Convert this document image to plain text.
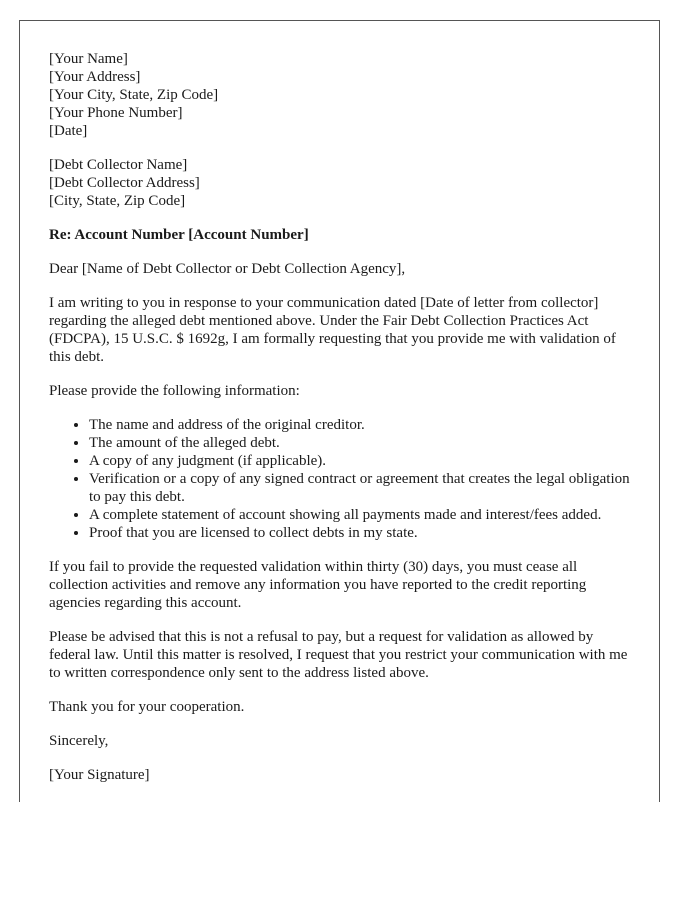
[Your Name]
[Your Address]
[Your City, State, Zip Code]
[Your Phone Number]
[Date]
[Debt Collector Name]
[Debt Collector Address]
[City, State, Zip Code]
Re: Account Number [Account Number]

Dear [Name of Debt Collector or Debt Collection Agency],

I am writing to you in response to your communication dated [Date of letter from collector] regarding the alleged debt mentioned above. Under the Fair Debt Collection Practices Act (FDCPA), 15 U.S.C. $ 1692g, I am formally requesting that you provide me with validation of this debt.

Please provide the following information:

• The name and address of the original creditor.
• The amount of the alleged debt.
• A copy of any judgment (if applicable).
• Verification or a copy of any signed contract or agreement that creates the legal obligation to pay this debt.
• A complete statement of account showing all payments made and interest/fees added.
• Proof that you are licensed to collect debts in my state.

If you fail to provide the requested validation within thirty (30) days, you must cease all collection activities and remove any information you have reported to the credit reporting agencies regarding this account.

Please be advised that this is not a refusal to pay, but a request for validation as allowed by federal law. Until this matter is resolved, I request that you restrict your communication with me to written correspondence only sent to the address listed above.

Thank you for your cooperation.

Sincerely,

[Your Signature]
